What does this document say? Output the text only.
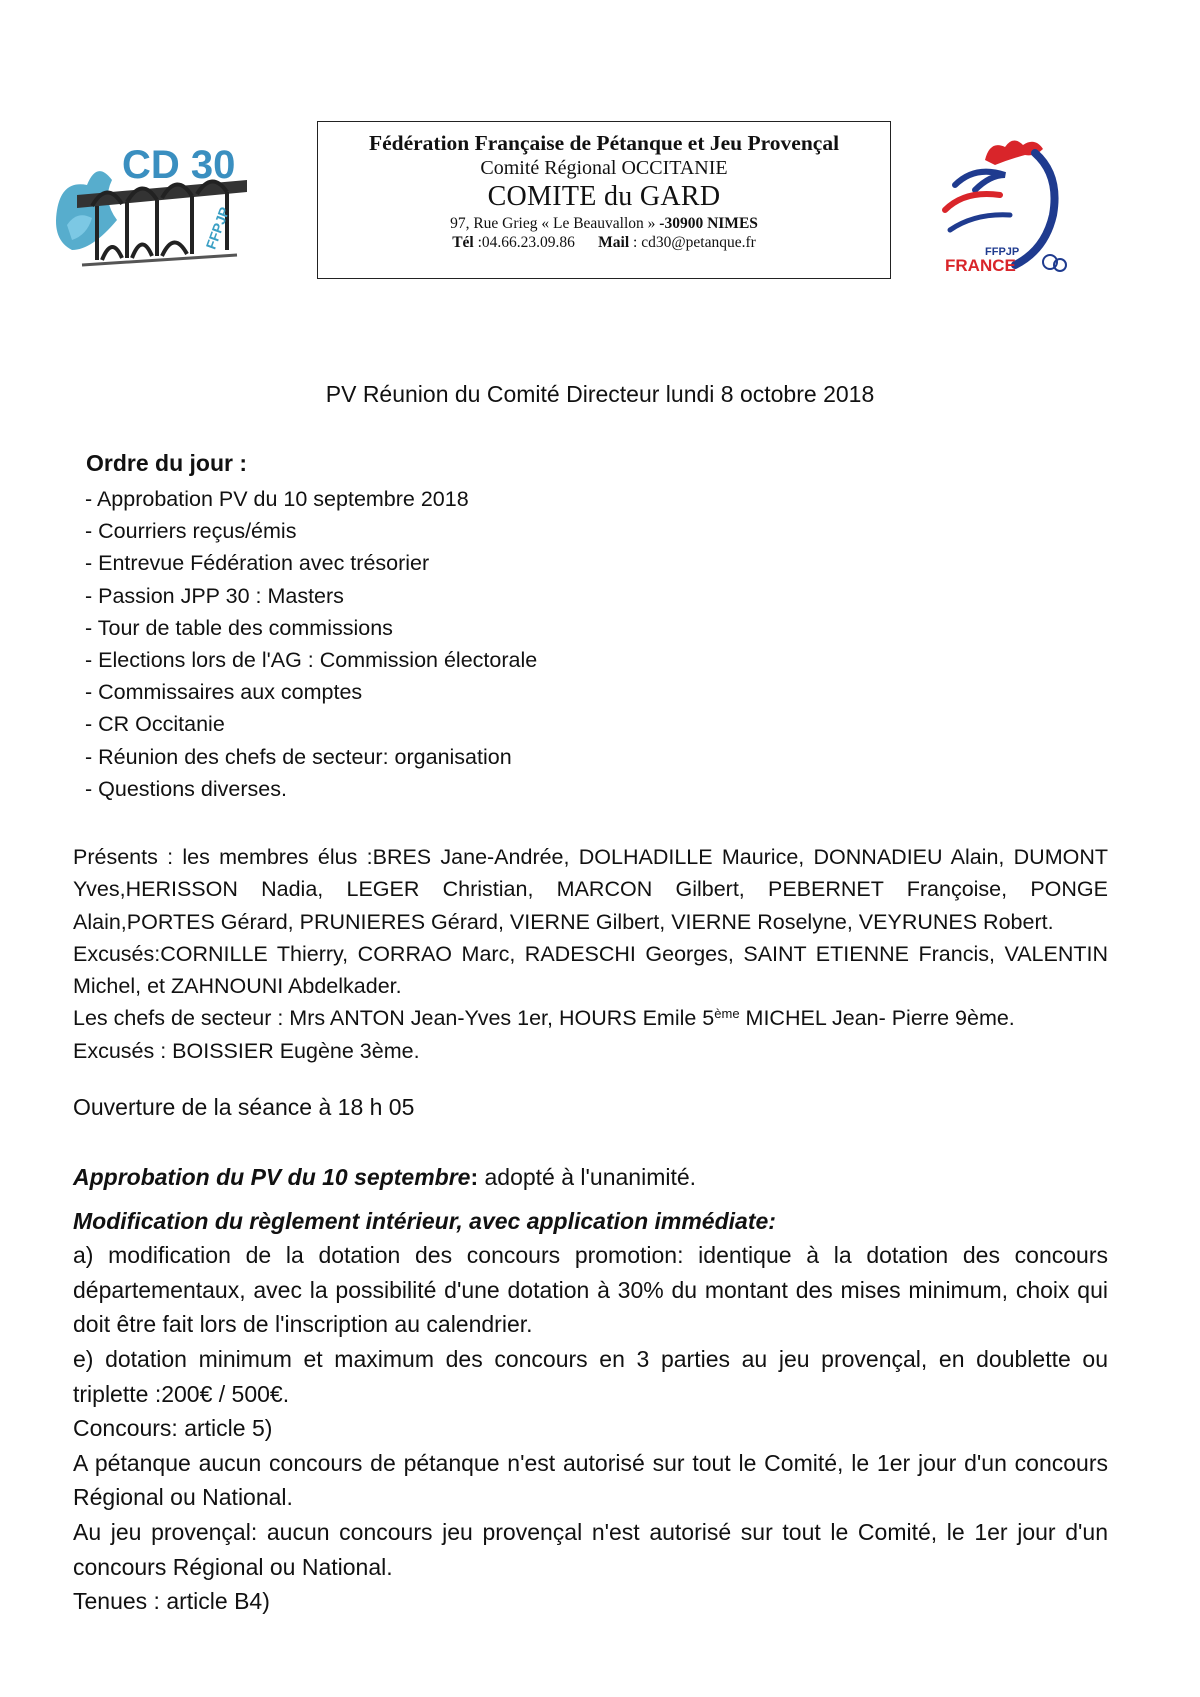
CD 30
FFPJP
Fédération Française de Pétanque et Jeu Provençal
Comité Régional OCCITANIE
COMITE du GARD
97, Rue Grieg « Le Beauvallon » -30900 NIMES
Tél :04.66.23.09.86 Mail : cd30@petanque.fr
FFPJP
FRANCE
PV Réunion du Comité Directeur lundi 8 octobre 2018
Ordre du jour :
- Approbation PV du 10 septembre 2018
- Courriers reçus/émis
- Entrevue Fédération avec trésorier
- Passion JPP 30 : Masters
- Tour de table des commissions
- Elections lors de l'AG : Commission électorale
- Commissaires aux comptes
- CR Occitanie
- Réunion des chefs de secteur: organisation
- Questions diverses.

Présents : les membres élus :BRES Jane-Andrée, DOLHADILLE Maurice, DONNADIEU Alain, DUMONT Yves,HERISSON Nadia, LEGER Christian, MARCON Gilbert, PEBERNET Françoise, PONGE Alain,PORTES Gérard, PRUNIERES Gérard, VIERNE Gilbert, VIERNE Roselyne, VEYRUNES Robert.

Excusés:CORNILLE Thierry, CORRAO Marc, RADESCHI Georges, SAINT ETIENNE Francis, VALENTIN Michel, et ZAHNOUNI Abdelkader.

Les chefs de secteur : Mrs ANTON Jean-Yves 1er, HOURS Emile 5ème MICHEL Jean- Pierre 9ème.

Excusés : BOISSIER Eugène 3ème.

Ouverture de la séance à 18 h 05

Approbation du PV du 10 septembre: adopté à l'unanimité.

Modification du règlement intérieur, avec application immédiate:

a) modification de la dotation des concours promotion: identique à la dotation des concours départementaux, avec la possibilité d'une dotation à 30% du montant des mises minimum, choix qui doit être fait lors de l'inscription au calendrier.

e) dotation minimum et maximum des concours en 3 parties au jeu provençal, en doublette ou triplette :200€ / 500€.

Concours: article 5)

A pétanque aucun concours de pétanque n'est autorisé sur tout le Comité, le 1er jour d'un concours Régional ou National.

Au jeu provençal: aucun concours jeu provençal n'est autorisé sur tout le Comité, le 1er jour d'un concours Régional ou National.

Tenues : article B4)
